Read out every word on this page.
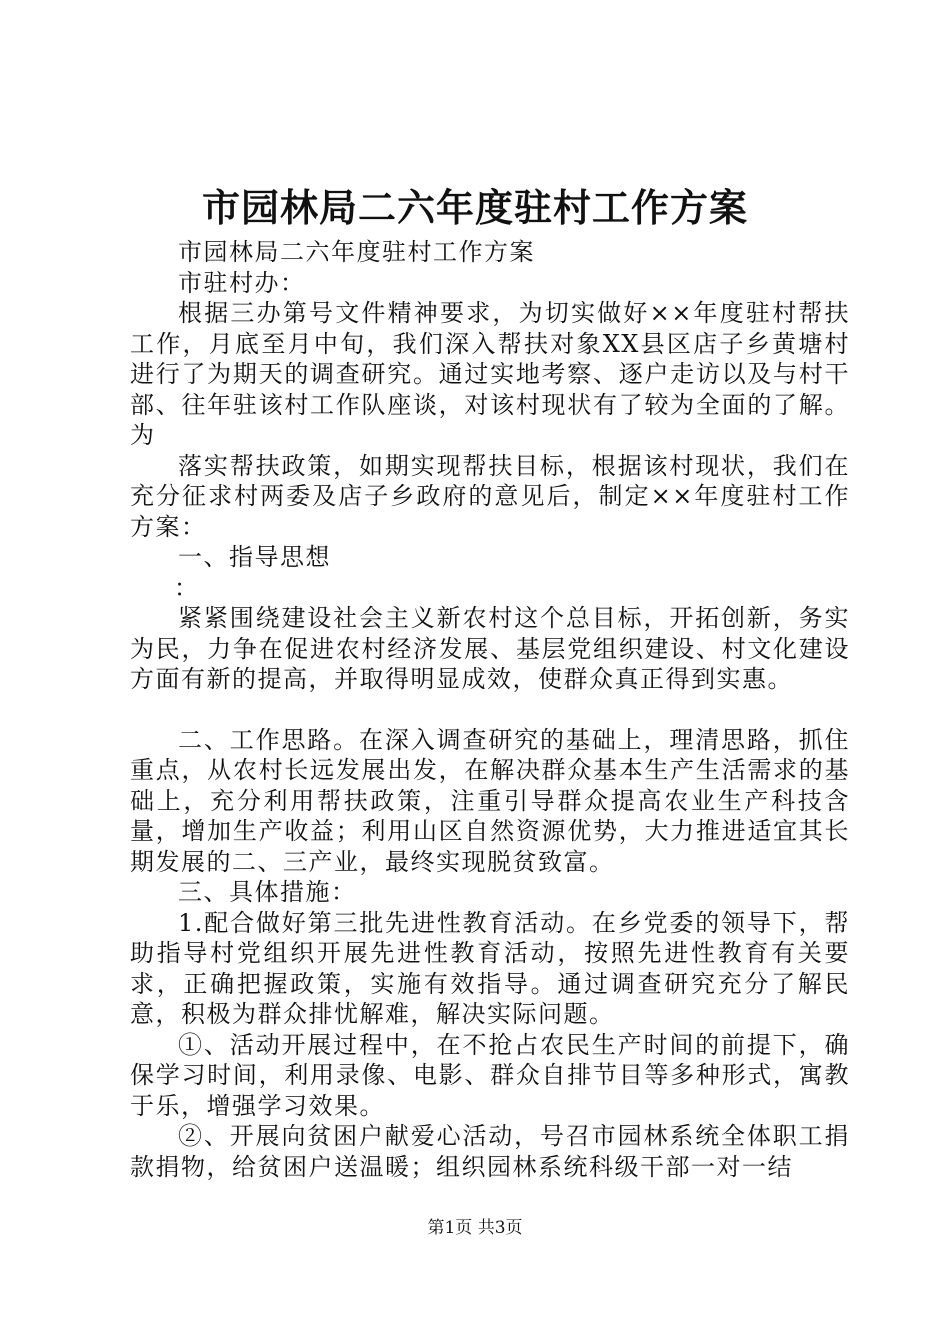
市园林局二六年度驻村工作方案

市园林局二六年度驻村工作方案

市驻村办：

根据三办第号文件精神要求，为切实做好××年度驻村帮扶工作，月底至月中旬，我们深入帮扶对象XX县区店子乡黄塘村进行了为期天的调查研究。通过实地考察、逐户走访以及与村干部、往年驻该村工作队座谈，对该村现状有了较为全面的了解。为

落实帮扶政策，如期实现帮扶目标，根据该村现状，我们在充分征求村两委及店子乡政府的意见后，制定××年度驻村工作方案：

一、指导思想

：

紧紧围绕建设社会主义新农村这个总目标，开拓创新，务实为民，力争在促进农村经济发展、基层党组织建设、村文化建设方面有新的提高，并取得明显成效，使群众真正得到实惠。

二、工作思路。在深入调查研究的基础上，理清思路，抓住重点，从农村长远发展出发，在解决群众基本生产生活需求的基础上，充分利用帮扶政策，注重引导群众提高农业生产科技含量，增加生产收益；利用山区自然资源优势，大力推进适宜其长期发展的二、三产业，最终实现脱贫致富。

三、具体措施：

1.配合做好第三批先进性教育活动。在乡党委的领导下，帮助指导村党组织开展先进性教育活动，按照先进性教育有关要求，正确把握政策，实施有效指导。通过调查研究充分了解民意，积极为群众排忧解难，解决实际问题。

①、活动开展过程中，在不抢占农民生产时间的前提下，确保学习时间，利用录像、电影、群众自排节目等多种形式，寓教于乐，增强学习效果。

②、开展向贫困户献爱心活动，号召市园林系统全体职工捐款捐物，给贫困户送温暖；组织园林系统科级干部一对一结

第1页 共3页
